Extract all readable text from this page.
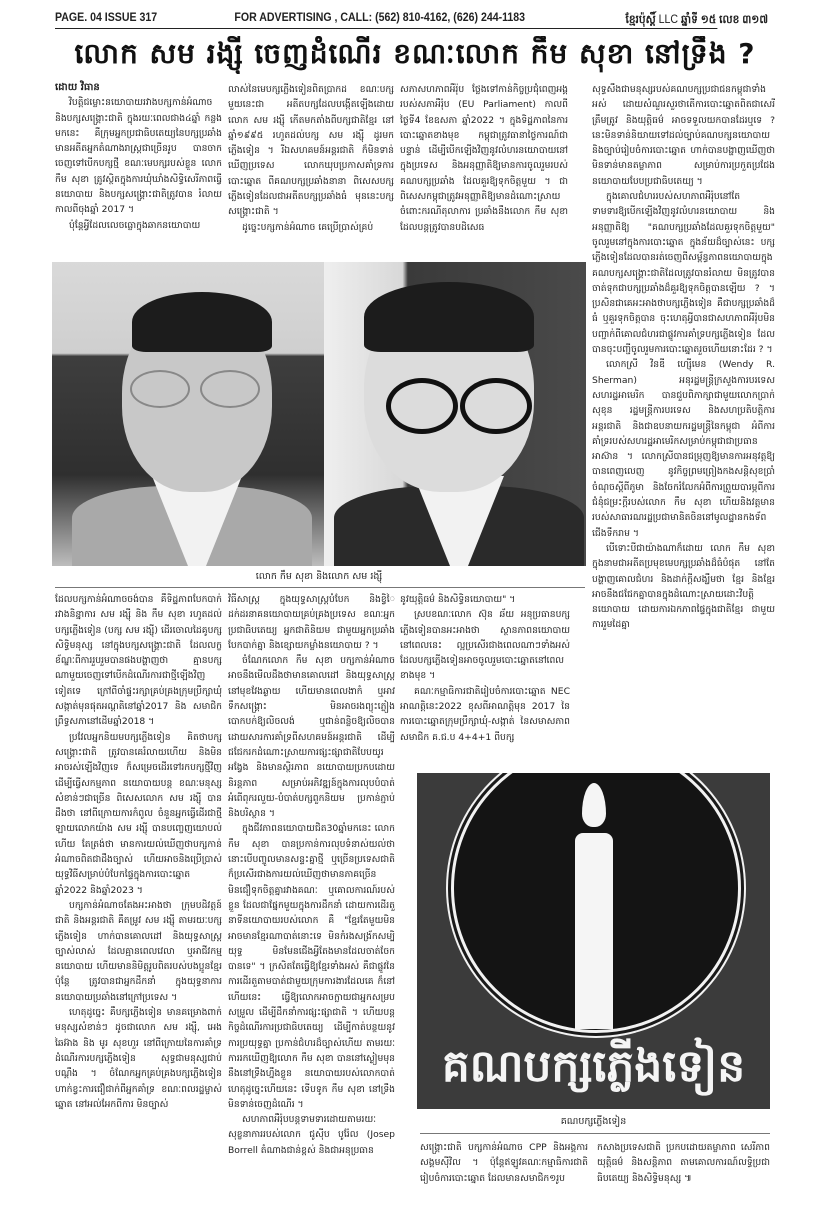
PAGE. 04 ISSUE 317	FOR ADVERTISING , CALL: (562) 810-4162, (626) 244-1183	ខ្មែរប៉ុស្ដិ៍ LLC ឆ្នាំទី ១៥ លេខ ៣១៧
លោក សម រង្ស៊ី ចេញដំណើរ ខណៈលោក កឹម សុខា នៅទ្រឹង ?

ដោយ វិធាន

វិបត្តិជម្លោះនយោបាយរវាងបក្សកាន់អំណាច និងបក្សសង្គ្រោះជាតិ ក្នុងរយៈពេលជាង៤ឆ្នាំ កន្លងមកនេះ គឺក្រុមអ្នកប្រជាធិបតេយ្យនៃបក្សប្រឆាំង មានអតីតអ្នកតំណាងរាស្ត្រជាច្រើនរូប បានចាកចេញទៅបើកបក្សថ្មី ខណៈមេបក្សរបស់ខ្លួន លោក កឹម សុខា ត្រូវស្ថិតក្នុងការឃុំឃាំងសិទ្ធិសេរីភាពធ្វើនយោបាយ និងបក្សសង្គ្រោះជាតិត្រូវបាន រំលាយកាលពីចុងឆ្នាំ 2017 ។

ប៉ុន្តែអ្វីដែលលេចធ្លោក្នុងឆាកនយោបាយ

លាស់នៃមេបក្សភ្លើងទៀនពិតប្រាកដ ខណៈបក្សមួយនេះជា អតីតបក្សដែលបង្កើតឡើងដោយលោក សម រង្ស៊ី កើតមកតាំងពីបក្សជាតិខ្មែរ នៅឆ្នាំ១៩៩៥ រហូតដល់បក្ស សម រង្ស៊ី ដូរមកភ្លើងទៀន ។ រីឯសហគមន៍អន្តរជាតិ ក៏មិនទាន់ឃើញប្រទេស លោកឃុបប្រកាសគាំទ្រការបោះឆ្នោត ពីគណបក្សប្រឆាំងនានា ពិសេសបក្សភ្លើងទៀនដែលជាអតីតបក្សប្រឆាំងធំ មុននេះបក្សសង្គ្រោះជាតិ ។

ដូច្នេះបក្សកាន់អំណាច គេប្រើប្រាស់គ្រប់

សភាសហភាពអឺរ៉ុប ថ្លែងទៅកាន់កិច្ចប្រជុំពេញអង្គរបស់សភាអឺរ៉ុប (EU Parliament) កាលពីថ្ងៃទី4 ខែឧសភា ឆ្នាំ2022 ។ ក្នុងទិដ្ឋភាពនៃការបោះឆ្នោតខាងមុខ កម្ពុជាត្រូវធានាថៃ្ងការណ៍ជាបន្ទាន់ ដើម្បីបើកឡើងវិញនូវលំហរនយោបាយនៅក្នុងប្រទេស និងអនុញ្ញាតិឱ្យមានការចូលរួមរបស់គណបក្សប្រឆាំង ដែលគួរឱ្យទុកចិត្តមួយ ។ ជាពិសេសកម្ពុជាត្រូវអនុញ្ញាតិឱ្យមានដំណោះស្រាយចំពោះករណីតុលាការ ប្រឆាំងនឹងលោក កឹម សុខា ដែលបន្តត្រូវបានបដិសេធ

សុទ្ធសឹងជាមនុស្សរបស់គណបក្សប្រជាជនកម្ពុជាទាំងអស់ ដោយសំណួរសួរថាតើការបោះឆ្នោតពិតជាសេរី ត្រឹមត្រូវ និងយុត្តិធម៌ អាចទទួលយកបានដែរឬទេ ? នេះមិនទាន់និយាយទៅដល់ច្បាប់គណបក្សនយោបាយ និងច្បាប់រៀបចំការបោះឆ្នោត ហាក់បានបង្ហាញឃើញថាមិនទាន់មានតម្លាភាព សម្រាប់ការប្រកួតប្រជែងនយោបាយបែបប្រជាធិបតេយ្យ ។

ក្នុងគោលជំហររបស់សហភាពអឺរ៉ុបនៅតែទាមទារឱ្យបើកឡើងវិញនូវលំហរនយោបាយ និងអនុញ្ញាតិឱ្យ "គណបក្សប្រឆាំងដែលគួរទុកចិត្តមួយ" ចូលរួមនៅក្នុងការបោះឆ្នោត ក្នុងន័យដ៏ច្បាស់នេះ បក្សភ្លើងទៀនដែលបានរត់ចេញពីសម្ព័ន្ធភាពនយោបាយក្នុងគណបក្សសង្គ្រោះជាតិដែលត្រូវបានរំលាយ មិនត្រូវបានចាត់ទុកជាបក្សប្រឆាំងដ៏គួរឱ្យទុកចិត្តបានឡើយ ? ។ ប្រសិនជាគេអះអាងថាបក្សភ្លើងទៀន គឺជាបក្សប្រឆាំងដ៏ធំ ឬគួរទុកចិត្តបាន ចុះហេតុអ្វីបានជាសហភាពអឺរ៉ុបមិនបញ្ជាក់ពីគោលជំហរជាផ្លូវការគាំទ្របក្សភ្លើងទៀន ដែលបានចុះបញ្ជីចូលរួមការបោះឆ្នោតរួចហើយនោះដែរ ? ។

លោកស្រី វិនឌី ហ្ស៊ើមេន (Wendy R. Sherman) អនុរដ្ឋមន្ត្រីក្រសួងការបរទេសសហរដ្ឋអាមេរិក បានជួបពិភាក្សាជាមួយលោកប្រាក់ សុខុន រដ្ឋមន្ត្រីការបរទេស និងសហប្រតិបត្តិការអន្តរជាតិ និងជាឧបនាយករដ្ឋមន្ត្រីនៃកម្ពុជា អំពីការគាំទ្ររបស់សហរដ្ឋអាមេរិកសម្រាប់កម្ពុជាជាប្រធានអាស៊ាន ។ លោកស្រីបានជម្រុញឱ្យមានការអនុវត្តឱ្យបានពេញលេញ នូវកិច្ចព្រមព្រៀងកងសន្តិសុខប្រាំចំណុចស្តីពីភូមា និងចែករំលែកអំពីការព្រួយបារម្ភពីការជំនុំជម្រះក្តីរបស់លោក កឹម សុខា ហើយនិងវត្តមានរបស់សាធារណរដ្ឋប្រជាមានិតចិននៅមូលដ្ឋានកងទ័ពជើងទឹករាម ។

បើទោះបីជាយ៉ាងណាក៏ដោយ លោក កឹម សុខា ក្នុងនាមជាអតីតប្រមុខមេបក្សប្រឆាំងដ៏ធំបំផុត នៅតែបង្ហាញគោលជំហរ និងដាក់ក្តីសង្ឃឹមថា ខ្មែរ និងខ្មែរ អាចនឹងជជែកគ្នាបានក្នុងដំណោះស្រាយដោះវិបត្តិនយោបាយ ដោយការឯកភាពផ្ទៃក្នុងជាតិខ្មែរ ជាមួយការរួមដៃគ្នា

លោក កឹម សុខា និងលោក សម រង្ស៊ី

ដែលបក្សកាន់អំណាចចង់បាន គឺទិដ្ឋភាពបែកបាក់រវាងនិន្នាការ សម រង្ស៊ី និង កឹម សុខា រហូតដល់បក្សភ្លើងទៀន (បក្ស សម រង្ស៊ី) ដើរចោលដៃគូបក្សសិទ្ធិមនុស្ស នៅក្នុងបក្សសង្គ្រោះជាតិ ដែលលក្ខខ័ណ្ឌៈពីការរួបរួមបានផងបង្ហាញថា គ្មានបក្សណាមួយចេញទៅបើកដំណើរការជាថ្មីឡើងវិញទៀតទេ ក្រៅពីចាំផ្ទះរក្សាគ្រប់គ្រងក្រុមប្រឹក្សាឃុំសង្កាត់មុនផុតអណ្តតិនៅឆ្នាំ2017 និង សមាជិកព្រឹទ្ធសភានៅដើមឆ្នាំ2018 ។

ប្រវែលអ្នកនិយមបក្សភ្លើងទៀន គិតថាបក្សសង្គ្រោះជាតិ ត្រូវបានគេរំលាយហើយ និងមិនអាចរស់ឡើងវិញទេ ក៏សម្រេចដើរទៅរកបក្សថ្មីវិញ ដើម្បីធ្វើសកម្មភាព នយោបាយបន្ត ខណៈមនុស្សសំខាន់ៗជាច្រើន ពិសេសលោក សម រង្ស៊ី បានដឹងថា នៅពីក្រោយការកំពូល ចំនួនអ្នកធ្វើដើរជាថ្មី ឡាយលោកយ៉ាង សម រង្ស៊ី បានបញ្ចេញយោបល់ហើយ តែត្រង់ថា មានការយល់ឃើញថាបក្សកាន់អំណាចពិតជាដឹងច្បាស់ ហើយអាចនិងប្រើប្រាស់យុទ្ធវិធីសម្រាប់បំបែកផ្ទៃក្នុងការបោះឆ្នោតឆ្នាំ2022 និងឆ្នាំ2023 ។

បក្សកាន់អំណាចតែងអះអាងថា ក្រុមបដិវត្តន៍ជាតិ និងអន្តរជាតិ គឺតម្រូវ សម រង្ស៊ី តាមរយៈបក្សភ្លើងទៀន ហាក់បានគោលដៅ និងយុទ្ធសាស្ត្រច្បាស់លាស់ ដែលគ្មានពេលវេលា ឬអាជីវកម្មនយោបាយ ហើយមាននិមិត្តរូបពិតរបស់បងប្អូនខ្មែរ ប៉ុន្តែ ត្រូវបានជាអ្នកដឹកនាំ ក្នុងយុទ្ធនាការនយោបាយប្រឆាំងនៅក្រៅប្រទេស ។

ហេតុដូច្នេះ គឺបក្សភ្លើងទៀន មានគម្រោងពាក់មនុស្សសំខាន់ៗ ដូចជាលោក សម រង្ស៊ី, អេង ឆៃអ៊ាង និង មូរ សុខហួរ នៅពីក្រោយនៃការគាំទ្រដំណើរការបក្សភ្លើងទៀន សុទ្ធជាមនុស្សជាប់បណ្តឹង ។ ចំណែកអ្នកគ្រប់គ្រងបក្សភ្លើងទៀន ហាក់ខ្វះការជឿជាក់ពីអ្នកគាំទ្រ ខណៈពលរដ្ឋម្ចាស់ឆ្នោត នៅអល់អែកពីការ មិនច្បាស់

វិធីសាស្ត្រ ក្នុងយុទ្ធសាស្ត្របំបែក និងខ្វិៃដក់ដរនាគនយោបាយគ្រប់គ្រងប្រទេស ខណៈអ្នកប្រជាធិបតេយ្យ អ្នកជាតិនិយម ជាមួយអ្នកប្រឆាំងបែកបាក់គ្នា និងខ្សោយកម្លាំងនយោបាយ ? ។

ចំណែកលោក កឹម សុខា បក្សកាន់អំណាចអាចនឹងមើលដឹងថាមានគោលដៅ និងយុទ្ធសាស្ត្រនៅមុខវែងឆ្ងាយ ហើយមានពេលងាកំ ឬអាវទឹកសង្គ្រោះ មិនអាចរងព្យុះភ្លៀងបោកបក់ឱ្យលិចលង់ ឬជាន់ពន្លិចឱ្យលិចបាន ដោយសារការគាំទ្រពីសហគមន៍អន្តរជាតិ ដើម្បីជជែករកដំណោះស្រាយការផ្សះផ្សាជាតិបែបយូរអង្វែង និងមានស្ថិរភាព នយោបាយប្រកបដោយនិរន្តភាព សម្រាប់អភិវឌ្ឍន៍ក្នុងការលុបបំបាត់អំពើពុករលួយ-បំបាត់បក្សពួកនិយម ប្រកាន់ភ្ជាប់ និងបរិស្ថាន ។

ក្នុងជីវភាពនយោបាយជិត30ឆ្នាំមកនេះ លោក កឹម សុខា បានប្រកាន់ការលុបទំនាស់យល់ថា នោះបើបញ្ចូលមានសន្ទះគ្នាថ្មី ឬច្រើនប្រទេសជាតិ ក៏ប្រសើរជាងការយល់ឃើញថាមានភាគច្រើនមិនជឿទុកចិត្តគ្នារវាងគណៈ ឬគោលការណ៍របស់ខ្លួន ដែលជាផ្នែកមួយក្នុងការដឹកនាំ ដោយការដើរតួនាទីនយោបាយរបស់លោក គឺ "ខ្មែរតែមួយមិនអាចមានខ្មែរណាបាត់នោះទេ មិនកំរងសង្រ័កសម្បិយុទ្ធ មិនមែនជើងអ្វីតែងមានដែលចាត់ចែកបានទេ" ។ ក្រសិតតែធ្វើឱ្យខ្មែរទាំងអស់ គឺជាផ្លូវនៃការដើរតួតាមបាត់ជាមួយក្រុមការងារដែលគេ ក៏នៅហើយនេះ ធ្វើឱ្យលោកអាចក្លាយជាអ្នកសម្របសម្រួល ដើម្បីដឹកនាំការផ្សះផ្សាជាតិ ។ ហើយបន្តកិច្ចដំណើរការប្រជាធិបតេយ្យ ដើម្បីកាត់បន្ថយនូវការប្រយុទ្ធគ្នា ប្រកាន់ជំហរដ៏ច្បាស់ហើយ តាមរយៈការរកឃើញឱ្យលោក កឹម សុខា បាននៅស្ងៀមមុននឹងនៅទ្រឹងហ្នឹងខ្លួន នយោបាយរបស់លោកបាត់ ហេតុដូច្នេះហើយនេះ ទើបទូក កឹម សុខា នៅទ្រឹងមិនទាន់ចេញដំណើរ ។

សហភាពអឺរ៉ុបបន្តទាមទារដោយតាមរយៈ សុខ្ខនាការរបស់លោក ជូស៊ីប បូរ៉ែល (Josep Borrell តំណាងជាន់ខ្ពស់ និងជាអនុប្រធាន

នូវយុត្តិធម៌ និងសិទ្ធិនយោបាយ" ។

ស្របខណៈលោក ស៊ុន ឆ័យ អនុប្រធានបក្សភ្លើងទៀនបានអះអាងថា ស្ថានភាពនយោបាយនៅពេលនេះ ល្អប្រសើរជាងពេលណាៗទាំងអស់ ដែលបក្សភ្លើងទៀនអាចចូលរួមបោះឆ្នោតនៅពេលខាងមុខ ។

គណៈកម្មាធិការជាតិរៀបចំការបោះឆ្នោត NEC អាណត្តិនេះ2022 ខុសពីអាណត្តិមុន 2017 នៃការបោះឆ្នោតក្រុមប្រឹក្សាឃុំ-សង្កាត់ នៃសមាសភាពសមាជិក គ.ជ.ប 4+4+1 ពីបក្ស

គណបក្សភ្លើងទៀន
គណបក្សភ្លើងទៀន

សង្គ្រោះជាតិ បក្សកាន់អំណាច CPP និងអង្គការសង្គមស៊ីវិល ។ ប៉ុន្តែឥឡូវគណៈកម្មាធិការជាតិរៀបចំការបោះឆ្នោត ដែលមានសមាជិក១រូប

កសាងប្រទេសជាតិ ប្រកបដោយតម្លាភាព សេរីភាព យុត្តិធម៌ និងសន្តិភាព តាមគោលការណ៍លទ្ធិប្រជាធិបតេយ្យ និងសិទ្ធិមនុស្ស ៕
